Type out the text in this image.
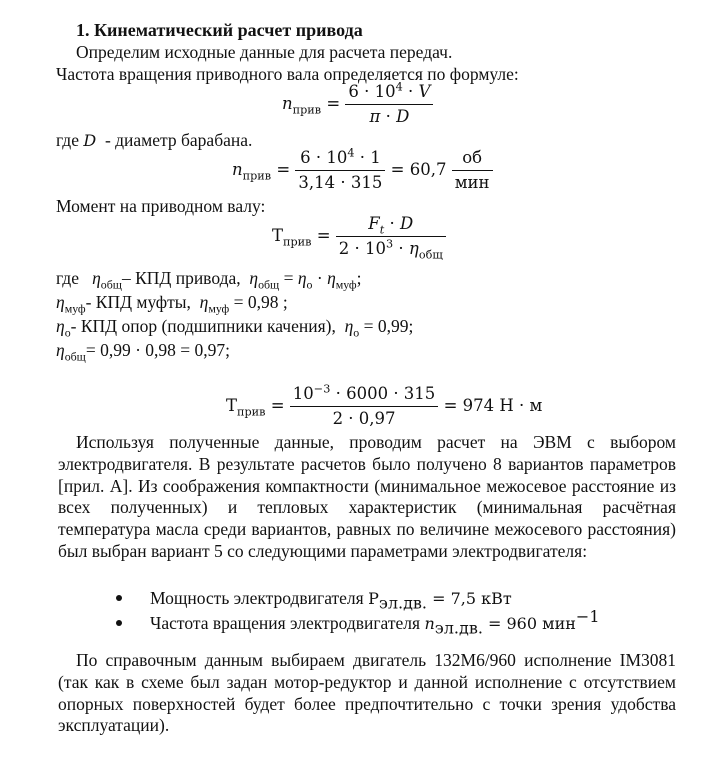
1. Кинематический расчет привода
Определим исходные данные для расчета передач.
Частота вращения приводного вала определяется по формуле:
$n_{прив} = \frac{6 \cdot 10^4 \cdot V}{\pi \cdot D}$
где D  - диаметр барабана.
$n_{прив} = \frac{6 \cdot 10^4 \cdot 1}{3,14 \cdot 315} = 60,7 \frac{об}{\text{мин}}$
Момент на приводном валу:
$T_{прив} = \frac{F_t \cdot D}{2 \cdot 10^3 \cdot \eta_{общ}}$
где   $\eta_{общ}-$ КПД привода,  $\eta_{общ} = \eta_о \cdot \eta_{муф}$;
$\eta_{муф}-$ КПД муфты,  $\eta_{муф} = 0,98$ ;
$\eta_о-$ КПД опор (подшипники качения),  $\eta_о = 0,99$;
$\eta_{общ}= 0,99 \cdot 0,98 = 0,97$;
$T_{прив} = \frac{10^{-3} \cdot 6000 \cdot 315}{2 \cdot 0,97} = 974$ Н · м

Используя полученные данные, проводим расчет на ЭВМ с выбором электродвигателя. В результате расчетов было получено 8 вариантов параметров [прил. А]. Из соображения компактности (минимальное межосевое расстояние из всех полученных) и тепловых характеристик (минимальная расчётная температура масла среди вариантов, равных по величине межосевого расстояния) был выбран вариант 5 со следующими параметрами электродвигателя:

Мощность электродвигателя $P_{эл.дв.} = 7,5$ кВт
Частота вращения электродвигателя $n_{эл.дв.} = 960$ мин$^{-1}$

По справочным данным выбираем двигатель 132М6/960 исполнение IM3081 (так как в схеме был задан мотор-редуктор и данной исполнение с отсутствием опорных поверхностей будет более предпочтительно с точки зрения удобства эксплуатации).
